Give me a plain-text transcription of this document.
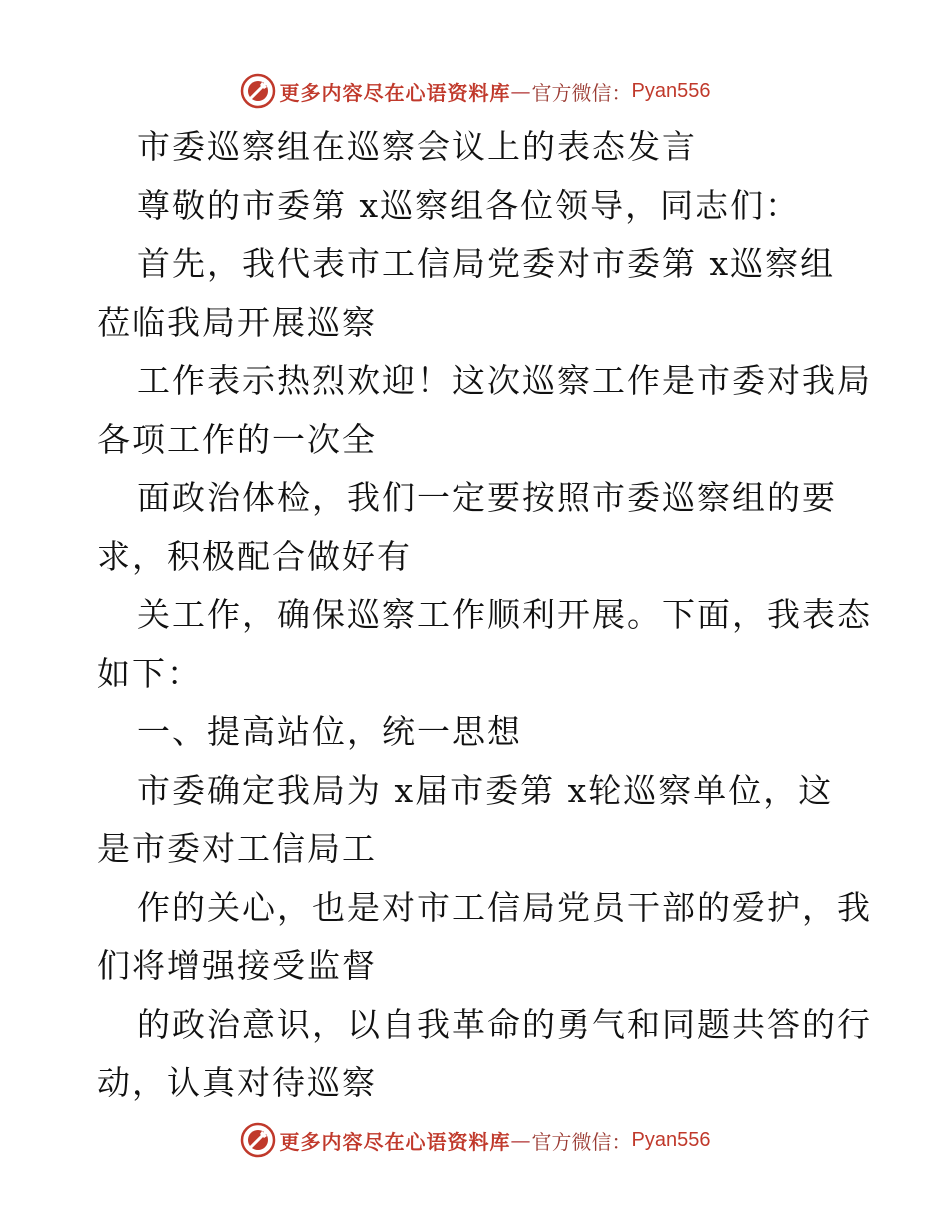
更多内容尽在心语资料库 — 官方微信： Pyan556
市委巡察组在巡察会议上的表态发言
尊敬的市委第 x巡察组各位领导，同志们：
首先，我代表市工信局党委对市委第 x巡察组
莅临我局开展巡察
工作表示热烈欢迎！这次巡察工作是市委对我局
各项工作的一次全
面政治体检，我们一定要按照市委巡察组的要
求，积极配合做好有
关工作，确保巡察工作顺利开展。下面，我表态
如下：
一、提高站位，统一思想
市委确定我局为 x届市委第 x轮巡察单位，这
是市委对工信局工
作的关心，也是对市工信局党员干部的爱护，我
们将增强接受监督
的政治意识，以自我革命的勇气和同题共答的行
动，认真对待巡察
更多内容尽在心语资料库 — 官方微信： Pyan556
